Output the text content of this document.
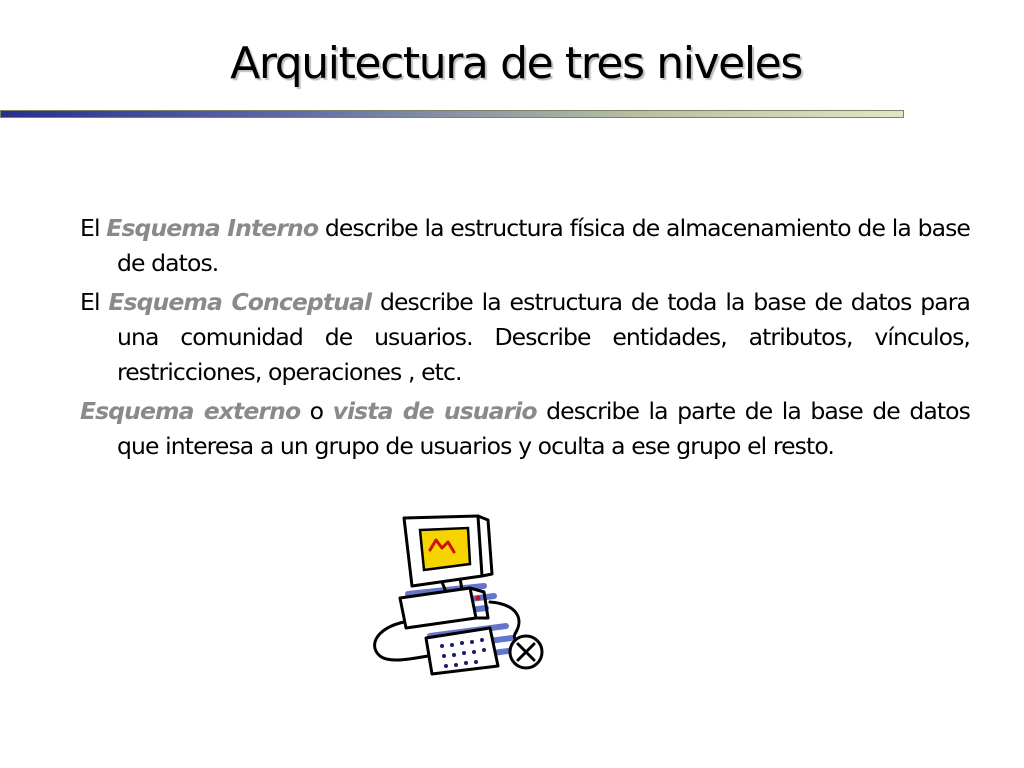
Arquitectura de tres niveles

El Esquema Interno describe la estructura física de almacenamiento de la base de datos.

El Esquema Conceptual describe la estructura de toda la base de datos para una comunidad de usuarios. Describe entidades, atributos, vínculos, restricciones, operaciones , etc.

Esquema externo o vista de usuario describe la parte de la base de datos que interesa a un grupo de usuarios y oculta a ese grupo el resto.
